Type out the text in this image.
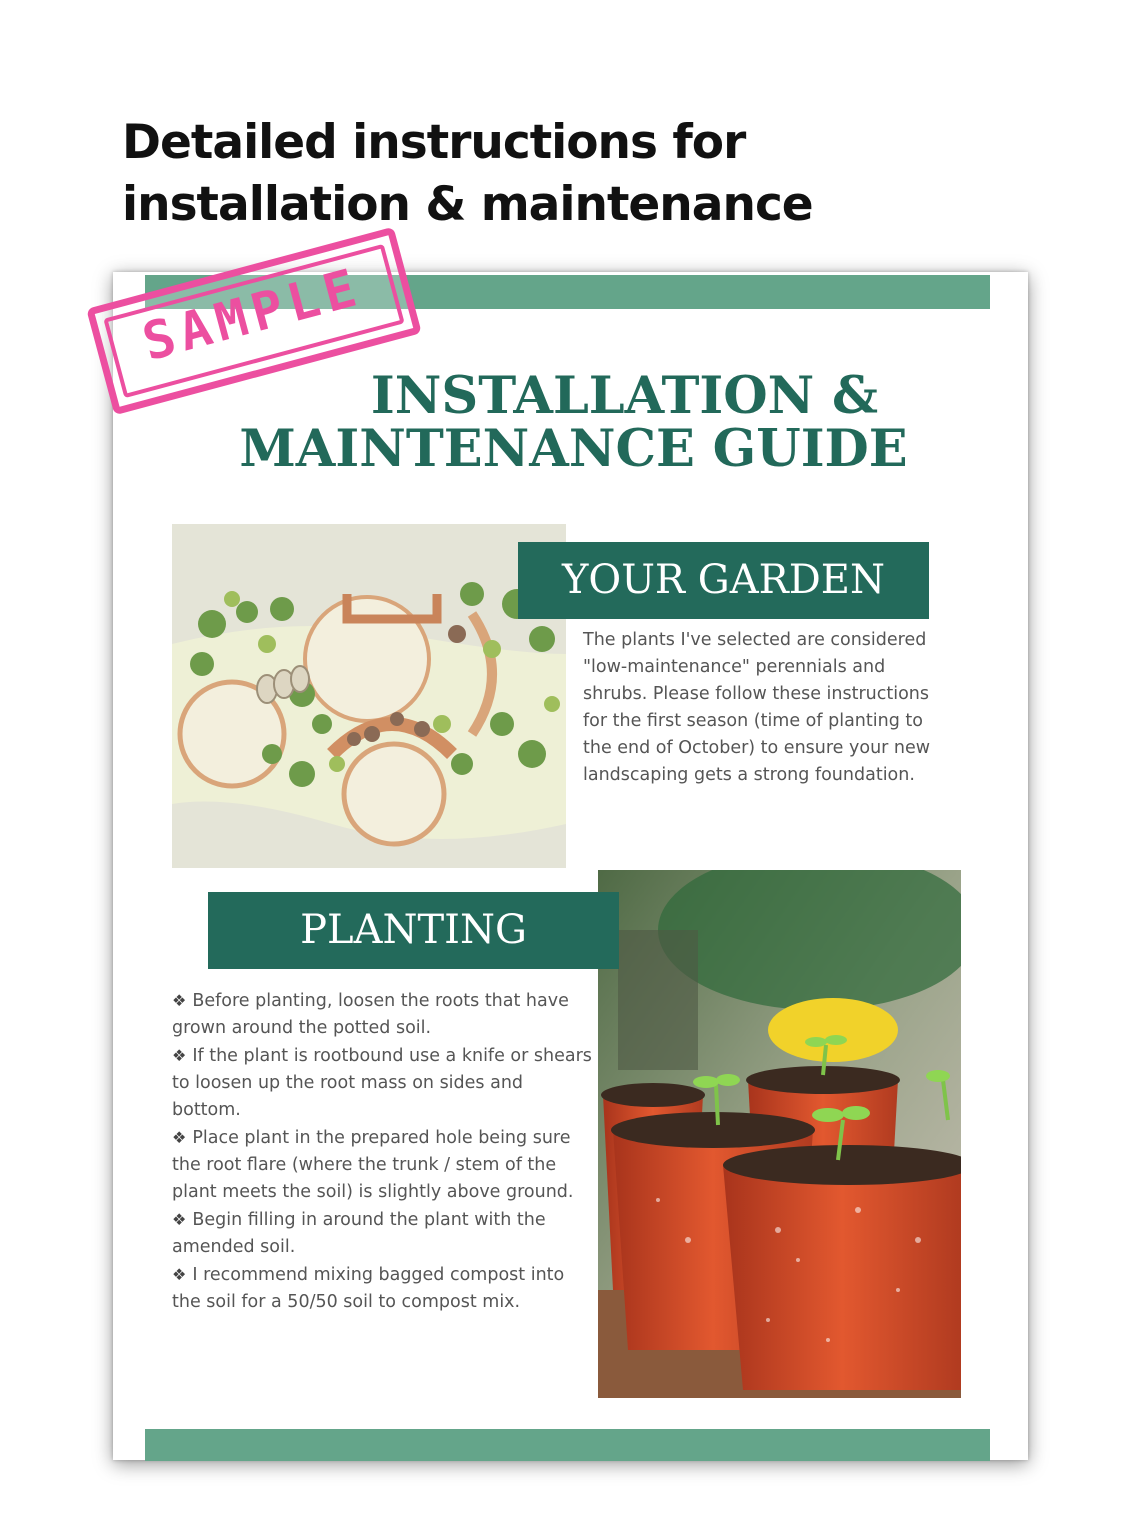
Detailed instructions for
installation & maintenance
INSTALLATION &
MAINTENANCE GUIDE
YOUR GARDEN

The plants I've selected are considered "low-maintenance" perennials and shrubs. Please follow these instructions for the first season (time of planting to the end of October) to ensure your new landscaping gets a strong foundation.

PLANTING
❖ Before planting, loosen the roots that have grown around the potted soil.
❖ If the plant is rootbound use a knife or shears to loosen up the root mass on sides and bottom.
❖ Place plant in the prepared hole being sure the root flare (where the trunk / stem of the plant meets the soil) is slightly above ground.
❖ Begin filling in around the plant with the amended soil.
❖ I recommend mixing bagged compost into the soil for a 50/50 soil to compost mix.
SAMPLE
